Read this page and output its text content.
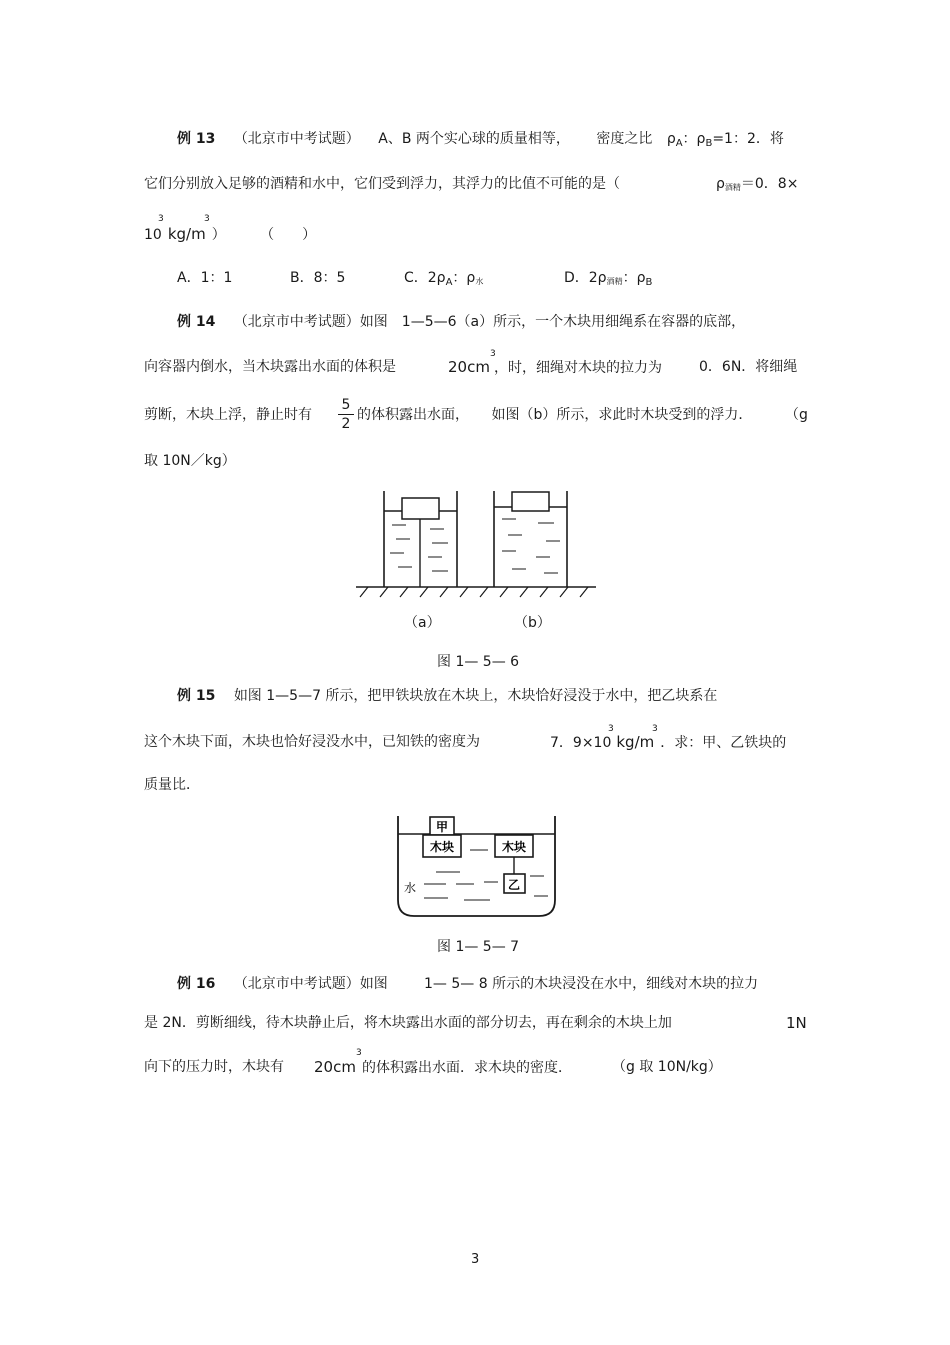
例 13 （北京市中考试题） A、B 两个实心球的质量相等， 密度之比 $\rho_A$：$\rho_B=1$：2．将
它们分别放入足够的酒精和水中，它们受到浮力，其浮力的比值不可能的是（	ρ酒精＝0．8×
10 kg/m ） （　　）
3	3
A．1：1	B．8：5	C．$2\rho_A$：ρ水	D．2ρ酒精：$\rho_B$
例 14 （北京市中考试题）如图　1—5—6（a）所示，一个木块用细绳系在容器的底部，
向容器内倒水，当木块露出水面的体积是	20cm ，时，细绳对木块的拉力为
3
0．6N．将细绳
剪断，木块上浮，静止时有
5
2
的体积露出水面， 如图（b）所示，求此时木块受到的浮力． （g
取 10N／kg）
（a）	（b）
图 1— 5— 6
例 15 如图 1—5—7 所示，把甲铁块放在木块上，木块恰好浸没于水中，把乙块系在
这个木块下面，木块也恰好浸没水中，已知铁的密度为	7．9×10 kg/m ．求：甲、乙铁块的
3	3
质量比．
甲
木块	木块
乙
水
图 1— 5— 7
例 16 （北京市中考试题）如图	1— 5— 8 所示的木块浸没在水中，细线对木块的拉力
是 2N．剪断细线，待木块静止后，将木块露出水面的部分切去，再在剩余的木块上加	1N
向下的压力时，木块有 20cm 的体积露出水面．求木块的密度．
3
（g 取 10N/kg）
3
